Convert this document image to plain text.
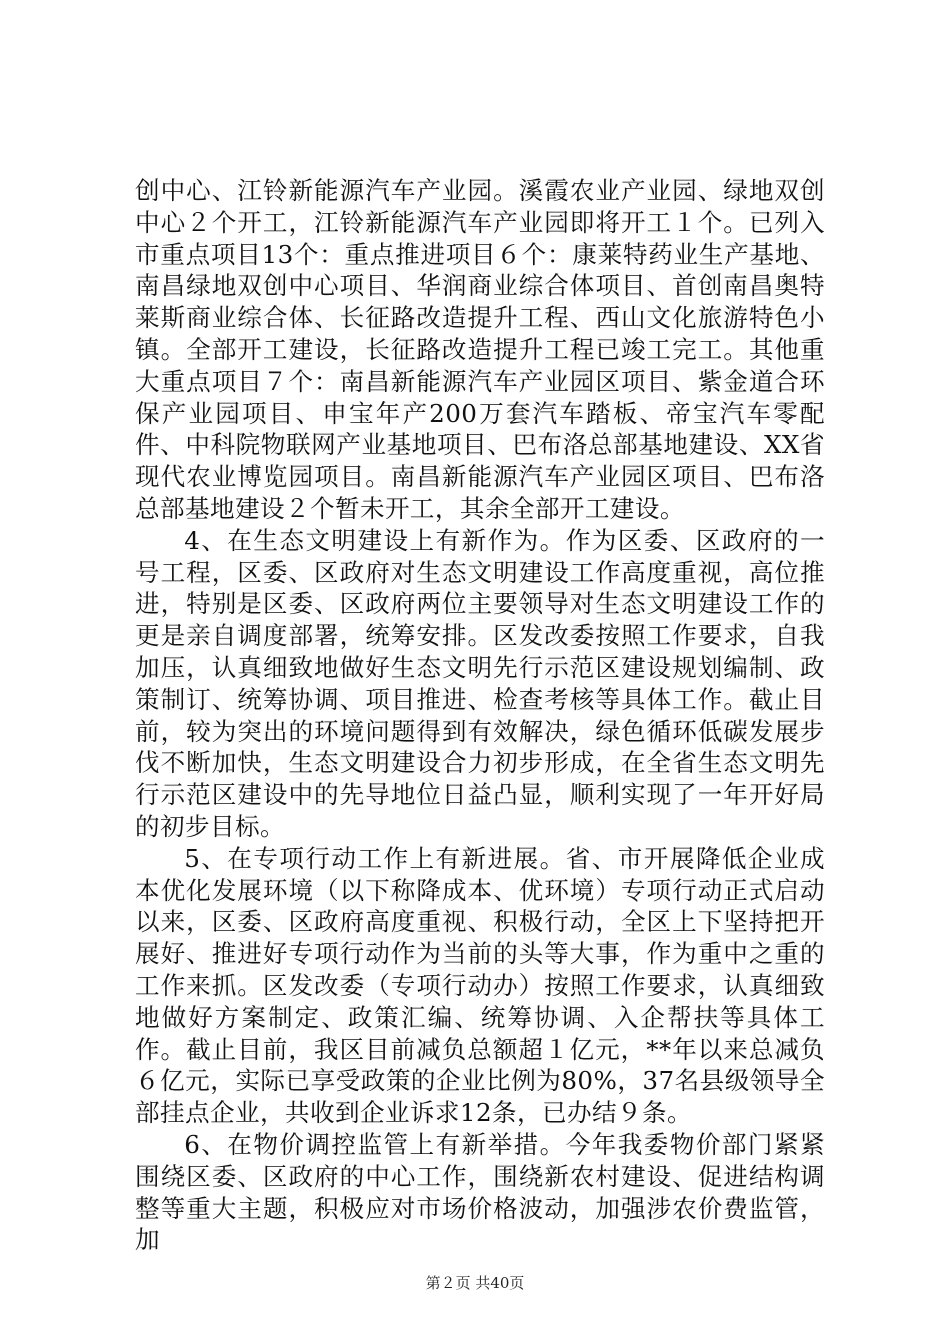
创中心、江铃新能源汽车产业园。溪霞农业产业园、绿地双创中心２个开工，江铃新能源汽车产业园即将开工１个。已列入市重点项目13个：重点推进项目６个：康莱特药业生产基地、南昌绿地双创中心项目、华润商业综合体项目、首创南昌奥特莱斯商业综合体、长征路改造提升工程、西山文化旅游特色小镇。全部开工建设，长征路改造提升工程已竣工完工。其他重大重点项目７个：南昌新能源汽车产业园区项目、紫金道合环保产业园项目、申宝年产200万套汽车踏板、帝宝汽车零配件、中科院物联网产业基地项目、巴布洛总部基地建设、XX省现代农业博览园项目。南昌新能源汽车产业园区项目、巴布洛总部基地建设２个暂未开工，其余全部开工建设。

4、在生态文明建设上有新作为。作为区委、区政府的一号工程，区委、区政府对生态文明建设工作高度重视，高位推进，特别是区委、区政府两位主要领导对生态文明建设工作的更是亲自调度部署，统筹安排。区发改委按照工作要求，自我加压，认真细致地做好生态文明先行示范区建设规划编制、政策制订、统筹协调、项目推进、检查考核等具体工作。截止目前，较为突出的环境问题得到有效解决，绿色循环低碳发展步伐不断加快，生态文明建设合力初步形成，在全省生态文明先行示范区建设中的先导地位日益凸显，顺利实现了一年开好局的初步目标。

5、在专项行动工作上有新进展。省、市开展降低企业成本优化发展环境（以下称降成本、优环境）专项行动正式启动以来，区委、区政府高度重视、积极行动，全区上下坚持把开展好、推进好专项行动作为当前的头等大事，作为重中之重的工作来抓。区发改委（专项行动办）按照工作要求，认真细致地做好方案制定、政策汇编、统筹协调、入企帮扶等具体工作。截止目前，我区目前减负总额超１亿元，**年以来总减负６亿元，实际已享受政策的企业比例为80%，37名县级领导全部挂点企业，共收到企业诉求12条，已办结９条。

6、在物价调控监管上有新举措。今年我委物价部门紧紧围绕区委、区政府的中心工作，围绕新农村建设、促进结构调整等重大主题，积极应对市场价格波动，加强涉农价费监管，加

第２页 共40页
